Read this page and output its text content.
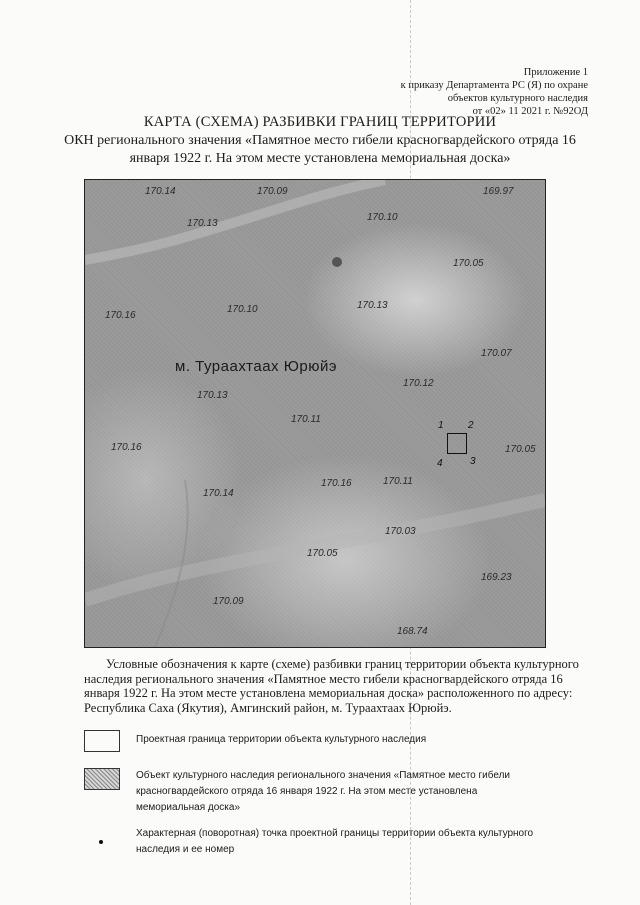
Приложение 1
к приказу Департамента РС (Я) по охране
объектов культурного наследия
от «02» 11 2021 г. №92ОД
КАРТА (СХЕМА) РАЗБИВКИ ГРАНИЦ ТЕРРИТОРИИ
ОКН регионального значения «Памятное место гибели красногвардейского отряда 16
января 1922 г. На этом месте установлена мемориальная доска»
170.14	170.09	169.97
170.13
170.10
170.05
170.16
170.10	170.13
170.07
170.13
170.12
170.11
170.16	170.05
170.14
170.16	170.11
170.03
170.05
169.23
170.09
168.74
м. Тураахтаах Юрюйэ
1 2
3
4
Условные обозначения к карте (схеме) разбивки границ территории объекта культурного
наследия регионального значения «Памятное место гибели красногвардейского отряда 16
января 1922 г. На этом месте установлена мемориальная доска» расположенного по адресу:
Республика Саха (Якутия), Амгинский район, м. Тураахтаах Юрюйэ.
Проектная граница территории объекта культурного наследия
Объект культурного наследия регионального значения «Памятное место гибели
красногвардейского отряда 16 января 1922 г. На этом месте установлена
мемориальная доска»
Характерная (поворотная) точка проектной границы территории объекта культурного
наследия и ее номер
